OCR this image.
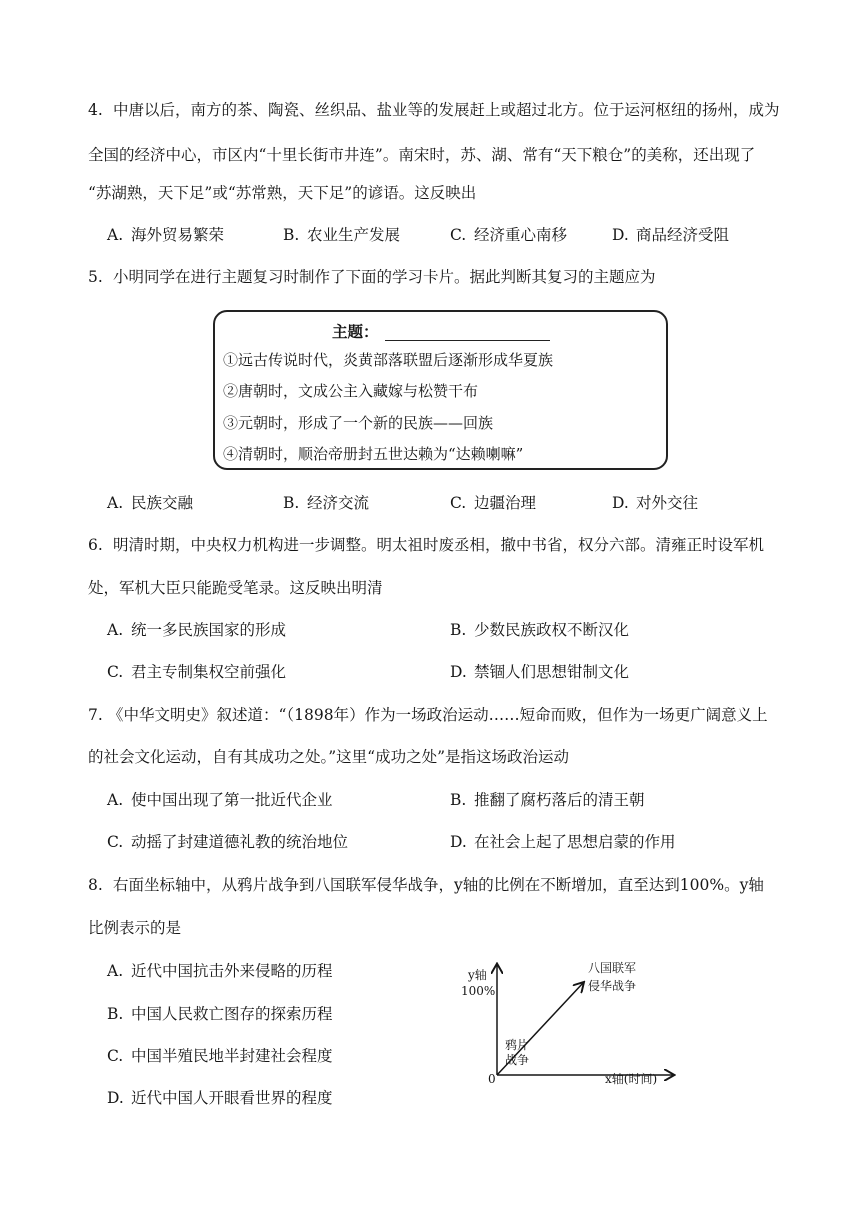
4. 中唐以后，南方的茶、陶瓷、丝织品、盐业等的发展赶上或超过北方。位于运河枢纽的扬州，成为
全国的经济中心，市区内“十里长街市井连”。南宋时，苏、湖、常有“天下粮仓”的美称，还出现了
“苏湖熟，天下足”或“苏常熟，天下足”的谚语。这反映出
A. 海外贸易繁荣	B. 农业生产发展	C. 经济重心南移	D. 商品经济受阻
5. 小明同学在进行主题复习时制作了下面的学习卡片。据此判断其复习的主题应为
主题：
①远古传说时代，炎黄部落联盟后逐渐形成华夏族
②唐朝时，文成公主入藏嫁与松赞干布
③元朝时，形成了一个新的民族——回族
④清朝时，顺治帝册封五世达赖为“达赖喇嘛”
A. 民族交融	B. 经济交流	C. 边疆治理	D. 对外交往
6. 明清时期，中央权力机构进一步调整。明太祖时废丞相，撤中书省，权分六部。清雍正时设军机
处，军机大臣只能跪受笔录。这反映出明清
A. 统一多民族国家的形成	B. 少数民族政权不断汉化
C. 君主专制集权空前强化	D. 禁锢人们思想钳制文化
7. 《中华文明史》叙述道：“（1898年）作为一场政治运动……短命而败，但作为一场更广阔意义上
的社会文化运动，自有其成功之处。”这里“成功之处”是指这场政治运动
A. 使中国出现了第一批近代企业	B. 推翻了腐朽落后的清王朝
C. 动摇了封建道德礼教的统治地位	D. 在社会上起了思想启蒙的作用
8. 右面坐标轴中，从鸦片战争到八国联军侵华战争，y轴的比例在不断增加，直至达到100%。y轴
比例表示的是
A. 近代中国抗击外来侵略的历程
B. 中国人民救亡图存的探索历程
C. 中国半殖民地半封建社会程度
D. 近代中国人开眼看世界的程度
y轴
100%
0	x轴(时间)
八国联军
侵华战争
鸦片
战争
